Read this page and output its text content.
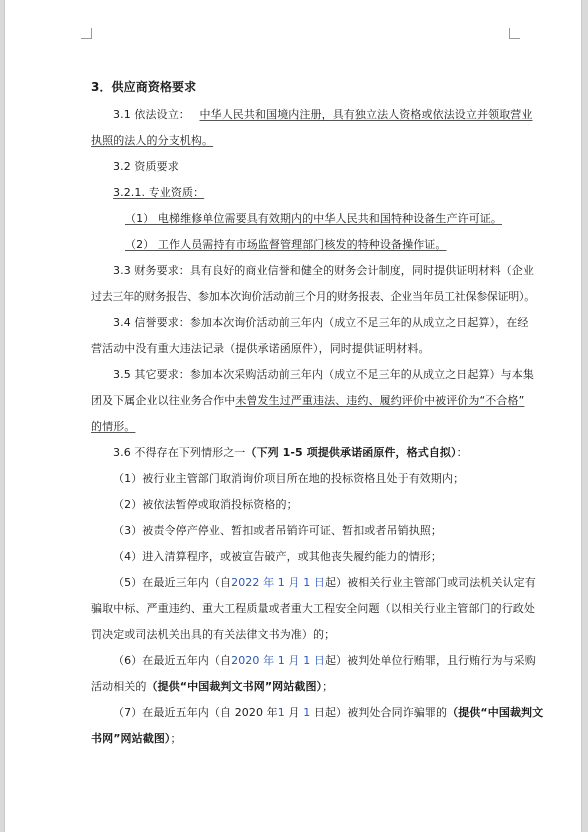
3．供应商资格要求
3.1 依法设立： 中华人民共和国境内注册，具有独立法人资格或依法设立并领取营业
执照的法人的分支机构。
3.2 资质要求
3.2.1. 专业资质：
（1） 电梯维修单位需要具有效期内的中华人民共和国特种设备生产许可证。
（2） 工作人员需持有市场监督管理部门核发的特种设备操作证。
3.3 财务要求：具有良好的商业信誉和健全的财务会计制度，同时提供证明材料（企业
过去三年的财务报告、参加本次询价活动前三个月的财务报表、企业当年员工社保参保证明）。
3.4 信誉要求：参加本次询价活动前三年内（成立不足三年的从成立之日起算），在经
营活动中没有重大违法记录（提供承诺函原件），同时提供证明材料。
3.5 其它要求：参加本次采购活动前三年内（成立不足三年的从成立之日起算）与本集
团及下属企业以往业务合作中未曾发生过严重违法、违约、履约评价中被评价为“不合格”
的情形。
3.6 不得存在下列情形之一（下列 1-5 项提供承诺函原件，格式自拟）：
（1）被行业主管部门取消询价项目所在地的投标资格且处于有效期内；
（2）被依法暂停或取消投标资格的；
（3）被责令停产停业、暂扣或者吊销许可证、暂扣或者吊销执照；
（4）进入清算程序，或被宣告破产，或其他丧失履约能力的情形；
（5）在最近三年内（自2022 年 1 月 1 日起）被相关行业主管部门或司法机关认定有
骗取中标、严重违约、重大工程质量或者重大工程安全问题（以相关行业主管部门的行政处
罚决定或司法机关出具的有关法律文书为准）的；
（6）在最近五年内（自2020 年 1 月 1 日起）被判处单位行贿罪，且行贿行为与采购
活动相关的（提供“中国裁判文书网”网站截图）；
（7）在最近五年内（自 2020 年1 月 1 日起）被判处合同诈骗罪的（提供“中国裁判文
书网”网站截图）；
